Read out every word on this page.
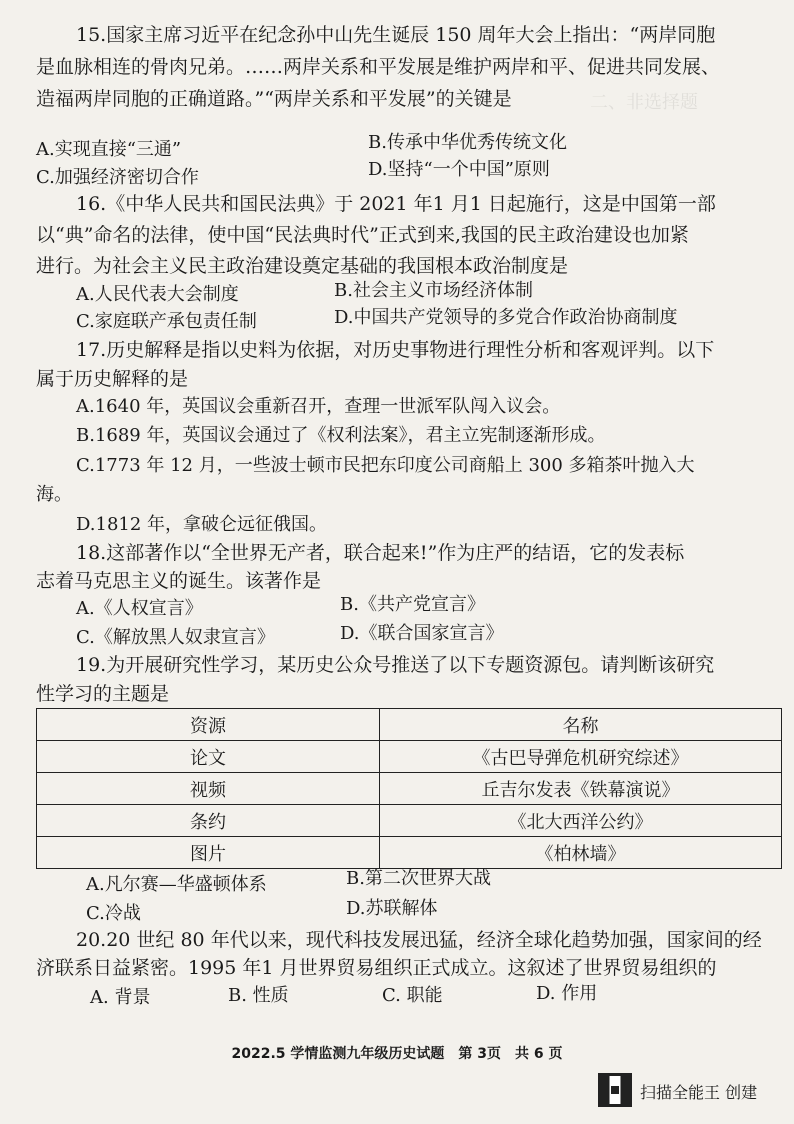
二、非选择题
15.国家主席习近平在纪念孙中山先生诞辰 150 周年大会上指出：“两岸同胞
是血脉相连的骨肉兄弟。……两岸关系和平发展是维护两岸和平、促进共同发展、
造福两岸同胞的正确道路。”“两岸关系和平发展”的关键是
A.实现直接“三通”	B.传承中华优秀传统文化
C.加强经济密切合作	D.坚持“一个中国”原则
16.《中华人民共和国民法典》于 2021 年1 月1 日起施行，这是中国第一部
以“典”命名的法律，使中国“民法典时代”正式到来,我国的民主政治建设也加紧
进行。为社会主义民主政治建设奠定基础的我国根本政治制度是
A.人民代表大会制度	B.社会主义市场经济体制
C.家庭联产承包责任制	D.中国共产党领导的多党合作政治协商制度
17.历史解释是指以史料为依据，对历史事物进行理性分析和客观评判。以下
属于历史解释的是
A.1640 年，英国议会重新召开，查理一世派军队闯入议会。
B.1689 年，英国议会通过了《权利法案》，君主立宪制逐渐形成。
C.1773 年 12 月，一些波士顿市民把东印度公司商船上 300 多箱茶叶抛入大
海。
D.1812 年，拿破仑远征俄国。
18.这部著作以“全世界无产者，联合起来!”作为庄严的结语，它的发表标
志着马克思主义的诞生。该著作是
A.《人权宣言》	B.《共产党宣言》
C.《解放黑人奴隶宣言》	D.《联合国家宣言》
19.为开展研究性学习，某历史公众号推送了以下专题资源包。请判断该研究
性学习的主题是
资源	名称
论文	《古巴导弹危机研究综述》
视频	丘吉尔发表《铁幕演说》
条约	《北大西洋公约》
图片	《柏林墙》
A.凡尔赛—华盛顿体系	B.第二次世界大战
C.冷战	D.苏联解体
20.20 世纪 80 年代以来，现代科技发展迅猛，经济全球化趋势加强，国家间的经
济联系日益紧密。1995 年1 月世界贸易组织正式成立。这叙述了世界贸易组织的
A. 背景	B. 性质	C. 职能	D. 作用
2022.5 学情监测九年级历史试题　第 3页　共 6 页
扫描全能王 创建
